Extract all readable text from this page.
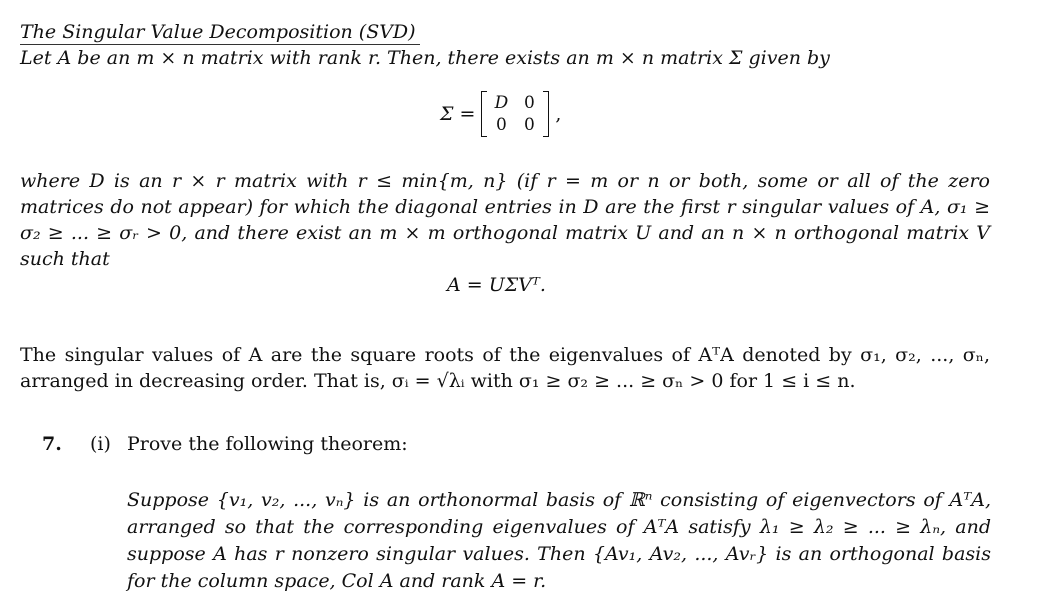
The Singular Value Decomposition (SVD)
Let A be an m × n matrix with rank r. Then, there exists an m × n matrix Σ given by
Σ =	D 0
0	0	,
where D is an r × r matrix with r ≤ min{m, n} (if r = m or n or both, some or all of the zero matrices do not appear) for which the diagonal entries in D are the first r singular values of A, σ₁ ≥ σ₂ ≥ ... ≥ σᵣ > 0, and there exist an m × m orthogonal matrix U and an n × n orthogonal matrix V such that
A = UΣVᵀ.
The singular values of A are the square roots of the eigenvalues of AᵀA denoted by σ₁, σ₂, ..., σₙ, arranged in decreasing order. That is, σᵢ = √λᵢ with σ₁ ≥ σ₂ ≥ ... ≥ σₙ > 0 for 1 ≤ i ≤ n.
7. (i) Prove the following theorem:
Suppose {v₁, v₂, ..., vₙ} is an orthonormal basis of ℝⁿ consisting of eigenvectors of AᵀA, arranged so that the corresponding eigenvalues of AᵀA satisfy λ₁ ≥ λ₂ ≥ ... ≥ λₙ, and suppose A has r nonzero singular values. Then {Av₁, Av₂, ..., Avᵣ} is an orthogonal basis for the column space, Col A and rank A = r.
